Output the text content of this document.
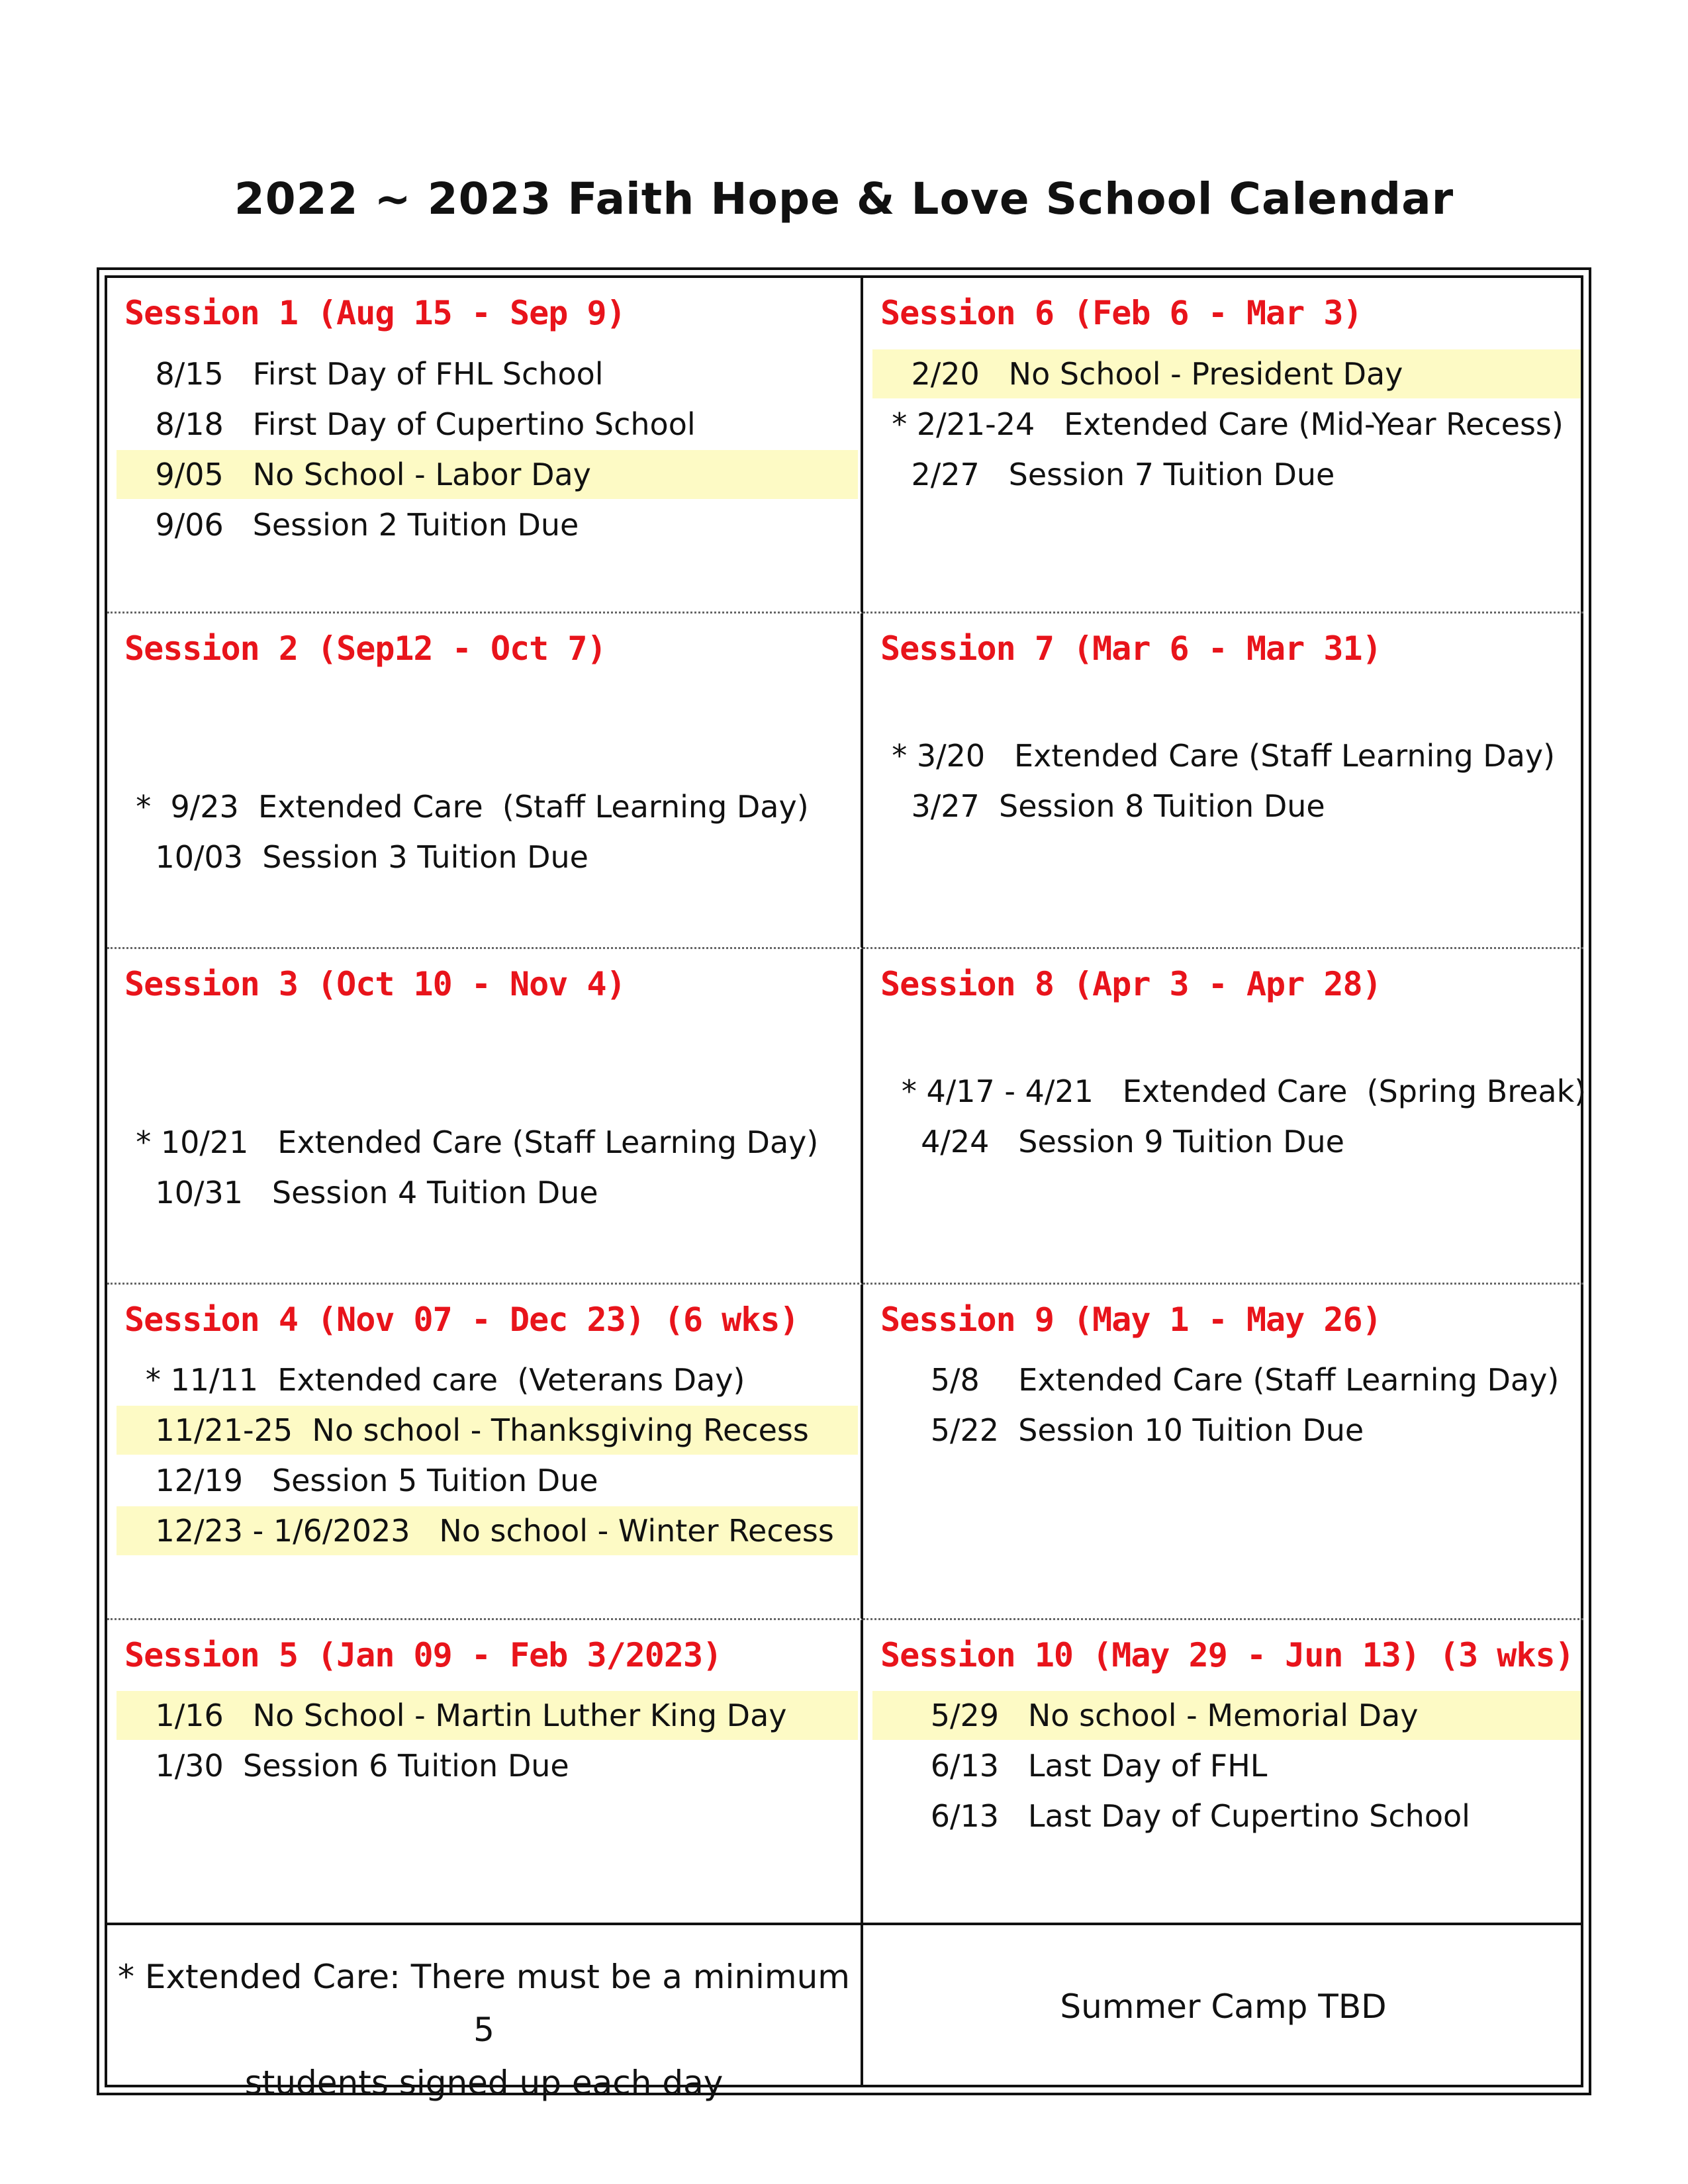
2022 ~ 2023 Faith Hope & Love School Calendar
* Extended Care: There must be a minimum 5
students signed up each day
Summer Camp TBD
Session 1 (Aug 15 - Sep 9)
8/15   First Day of FHL School
8/18   First Day of Cupertino School
9/05   No School - Labor Day
9/06   Session 2 Tuition Due
Session 6 (Feb 6 - Mar 3)
2/20   No School - President Day
* 2/21-24   Extended Care (Mid-Year Recess)
2/27   Session 7 Tuition Due
Session 2 (Sep12 - Oct 7)
*  9/23  Extended Care  (Staff Learning Day)
10/03  Session 3 Tuition Due
Session 7 (Mar 6 - Mar 31)
* 3/20   Extended Care (Staff Learning Day)
3/27  Session 8 Tuition Due
Session 3 (Oct 10 - Nov 4)
* 10/21   Extended Care (Staff Learning Day)
10/31   Session 4 Tuition Due
Session 8 (Apr 3 - Apr 28)
* 4/17 - 4/21   Extended Care  (Spring Break)
4/24   Session 9 Tuition Due
Session 4 (Nov 07 - Dec 23) (6 wks)
* 11/11  Extended care  (Veterans Day)
11/21-25  No school - Thanksgiving Recess
12/19   Session 5 Tuition Due
12/23 - 1/6/2023   No school - Winter Recess
Session 9 (May 1 - May 26)
5/8    Extended Care (Staff Learning Day)
5/22  Session 10 Tuition Due
Session 5 (Jan 09 - Feb 3/2023)
1/16   No School - Martin Luther King Day
1/30  Session 6 Tuition Due
Session 10 (May 29 - Jun 13) (3 wks)
5/29   No school - Memorial Day
6/13   Last Day of FHL
6/13   Last Day of Cupertino School
